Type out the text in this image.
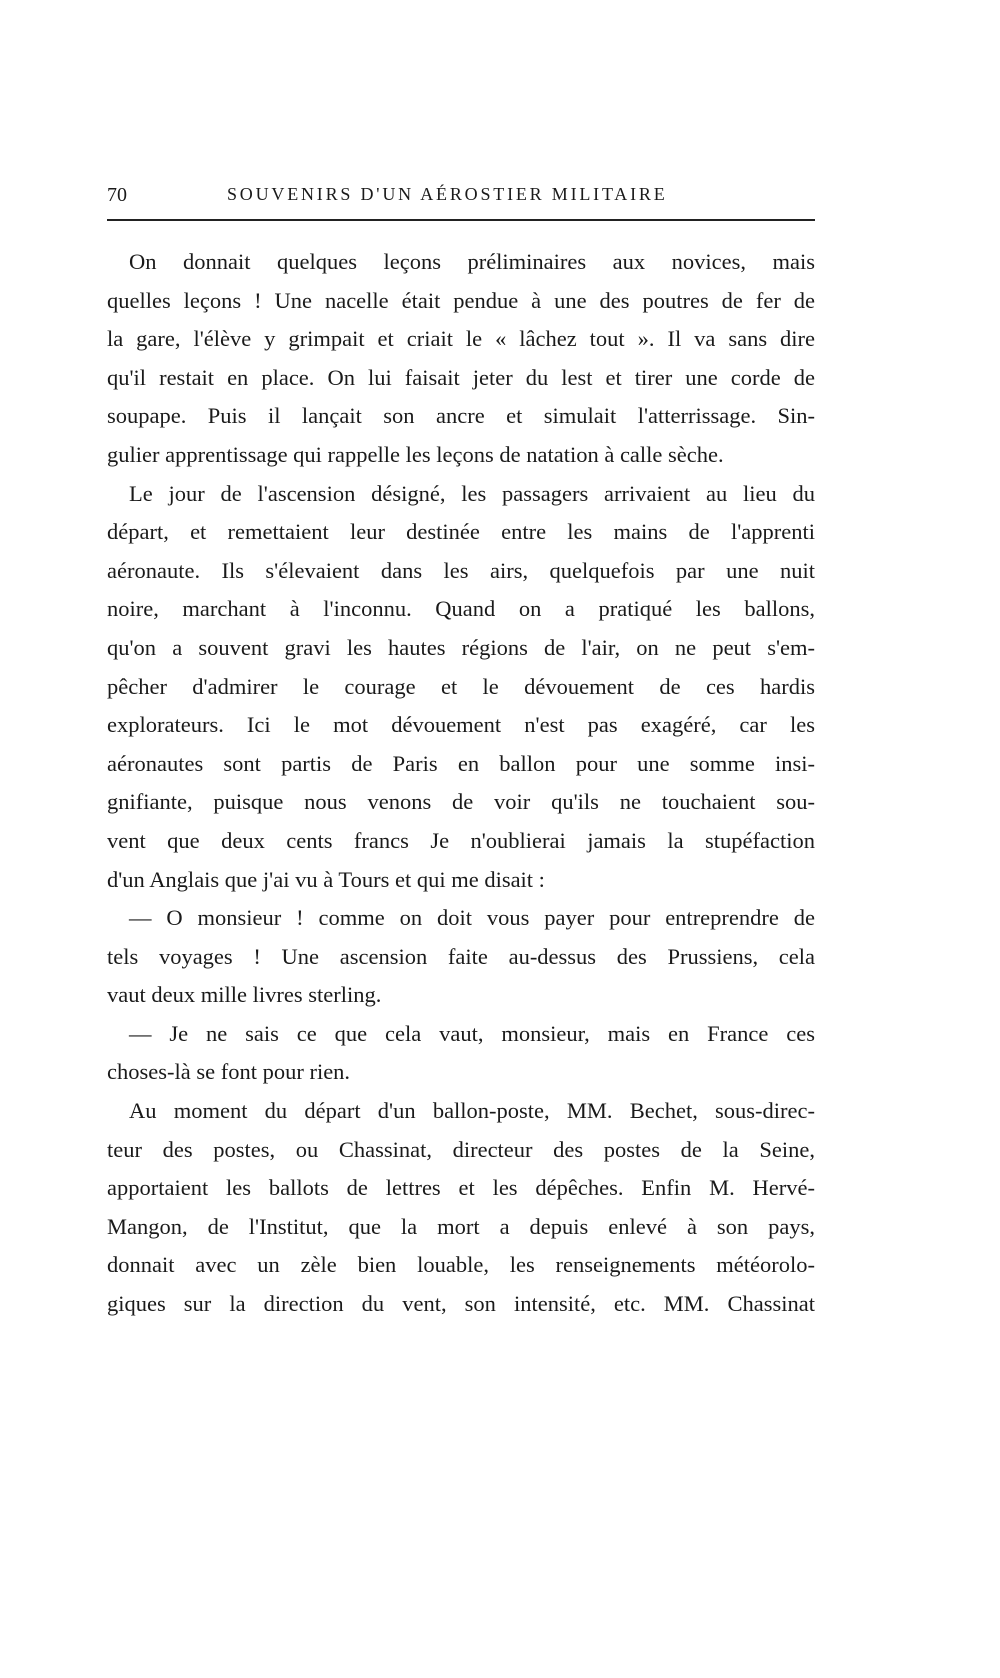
70	SOUVENIRS D'UN AÉROSTIER MILITAIRE
On donnait quelques leçons préliminaires aux novices, mais
quelles leçons ! Une nacelle était pendue à une des poutres de fer de
la gare, l'élève y grimpait et criait le « lâchez tout ». Il va sans dire
qu'il restait en place. On lui faisait jeter du lest et tirer une corde de
soupape. Puis il lançait son ancre et simulait l'atterrissage. Sin-
gulier apprentissage qui rappelle les leçons de natation à calle sèche.
Le jour de l'ascension désigné, les passagers arrivaient au lieu du
départ, et remettaient leur destinée entre les mains de l'apprenti
aéronaute. Ils s'élevaient dans les airs, quelquefois par une nuit
noire, marchant à l'inconnu. Quand on a pratiqué les ballons,
qu'on a souvent gravi les hautes régions de l'air, on ne peut s'em-
pêcher d'admirer le courage et le dévouement de ces hardis
explorateurs. Ici le mot dévouement n'est pas exagéré, car les
aéronautes sont partis de Paris en ballon pour une somme insi-
gnifiante, puisque nous venons de voir qu'ils ne touchaient sou-
vent que deux cents francs Je n'oublierai jamais la stupéfaction
d'un Anglais que j'ai vu à Tours et qui me disait :
— O monsieur ! comme on doit vous payer pour entreprendre de
tels voyages ! Une ascension faite au-dessus des Prussiens, cela
vaut deux mille livres sterling.
— Je ne sais ce que cela vaut, monsieur, mais en France ces
choses-là se font pour rien.
Au moment du départ d'un ballon-poste, MM. Bechet, sous-direc-
teur des postes, ou Chassinat, directeur des postes de la Seine,
apportaient les ballots de lettres et les dépêches. Enfin M. Hervé-
Mangon, de l'Institut, que la mort a depuis enlevé à son pays,
donnait avec un zèle bien louable, les renseignements météorolo-
giques sur la direction du vent, son intensité, etc. MM. Chassinat
